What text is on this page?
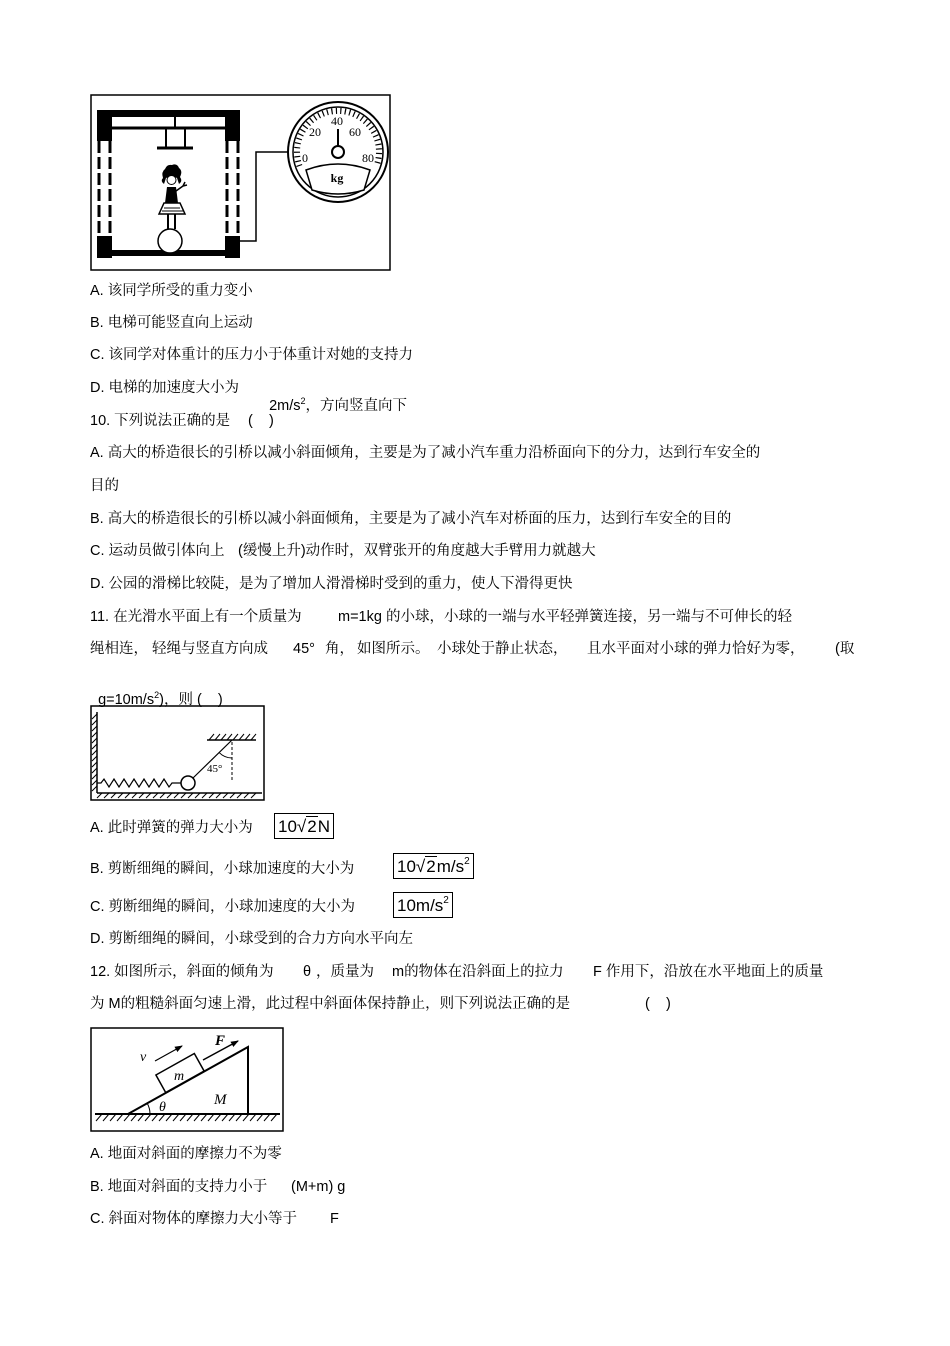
0
20
40
60
80
kg
A. 该同学所受的重力变小
B. 电梯可能竖直向上运动
C. 该同学对体重计的压力小于体重计对她的支持力
D. 电梯的加速度大小为

$2m/s^2$，方向竖直向下

10. 下列说法正确的是 (    )
A. 高大的桥造很长的引桥以减小斜面倾角，主要是为了减小汽车重力沿桥面向下的分力，达到行车安全的
目的
B. 高大的桥造很长的引桥以减小斜面倾角，主要是为了减小汽车对桥面的压力，达到行车安全的目的
C. 运动员做引体向上 (缓慢上升)动作时，双臂张开的角度越大手臂用力就越大
D. 公园的滑梯比较陡，是为了增加人滑滑梯时受到的重力，使人下滑得更快
11. 在光滑水平面上有一个质量为	m=1kg 的小球，小球的一端与水平轻弹簧连接，另一端与不可伸长的轻
绳相连， 轻绳与竖直方向成 45° 角， 如图所示。 小球处于静止状态， 且水平面对小球的弹力恰好为零， (取

$g=10m/s^2$)，则 (    )

45°
A. 此时弹簧的弹力大小为 10√2N
B. 剪断细绳的瞬间，小球加速度的大小为	$10√2m/s^2$
C. 剪断细绳的瞬间，小球加速度的大小为 $10m/s^2$
D. 剪断细绳的瞬间，小球受到的合力方向水平向左
12. 如图所示，斜面的倾角为 θ ，质量为 m的物体在沿斜面上的拉力 F 作用下，沿放在水平地面上的质量
为 M的粗糙斜面匀速上滑，此过程中斜面体保持静止，则下列说法正确的是	(    )
m
F
v
M
θ
A. 地面对斜面的摩擦力不为零
B. 地面对斜面的支持力小于 (M+m) g
C. 斜面对物体的摩擦力大小等于 F
